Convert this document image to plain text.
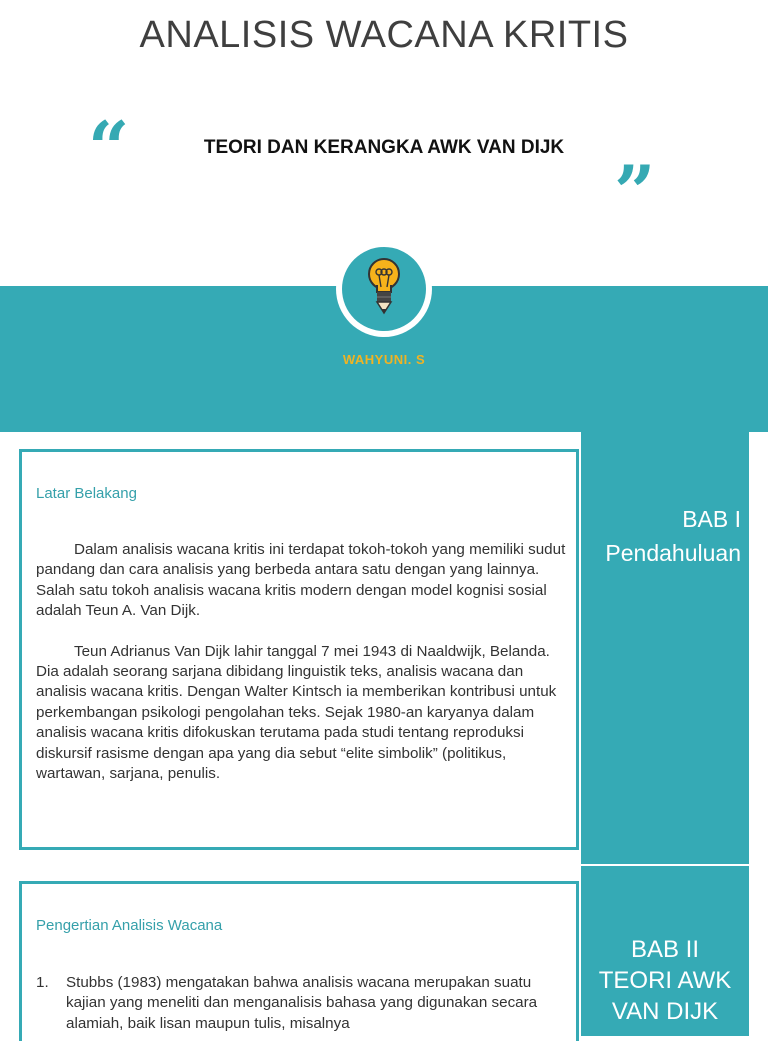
ANALISIS WACANA KRITIS
“	TEORI DAN KERANGKA AWK VAN DIJK
”
WAHYUNI. S
Latar Belakang

Dalam analisis wacana kritis ini terdapat tokoh-tokoh yang memiliki sudut pandang dan cara analisis yang berbeda antara satu dengan yang lainnya. Salah satu tokoh analisis wacana kritis modern dengan model kognisi sosial adalah Teun A. Van Dijk.

Teun Adrianus Van Dijk lahir tanggal 7 mei 1943 di Naaldwijk, Belanda. Dia adalah seorang sarjana dibidang linguistik teks, analisis wacana dan analisis wacana kritis. Dengan Walter Kintsch ia memberikan kontribusi untuk perkembangan psikologi pengolahan teks. Sejak 1980-an karyanya dalam analisis wacana kritis difokuskan terutama pada studi tentang reproduksi diskursif rasisme dengan apa yang dia sebut “elite simbolik” (politikus, wartawan, sarjana, penulis.

BAB I
Pendahuluan
Pengertian Analisis Wacana
1.	Stubbs (1983) mengatakan bahwa analisis wacana merupakan suatu kajian yang meneliti dan menganalisis bahasa yang digunakan secara alamiah, baik lisan maupun tulis, misalnya
BAB II
TEORI AWK
VAN DIJK
